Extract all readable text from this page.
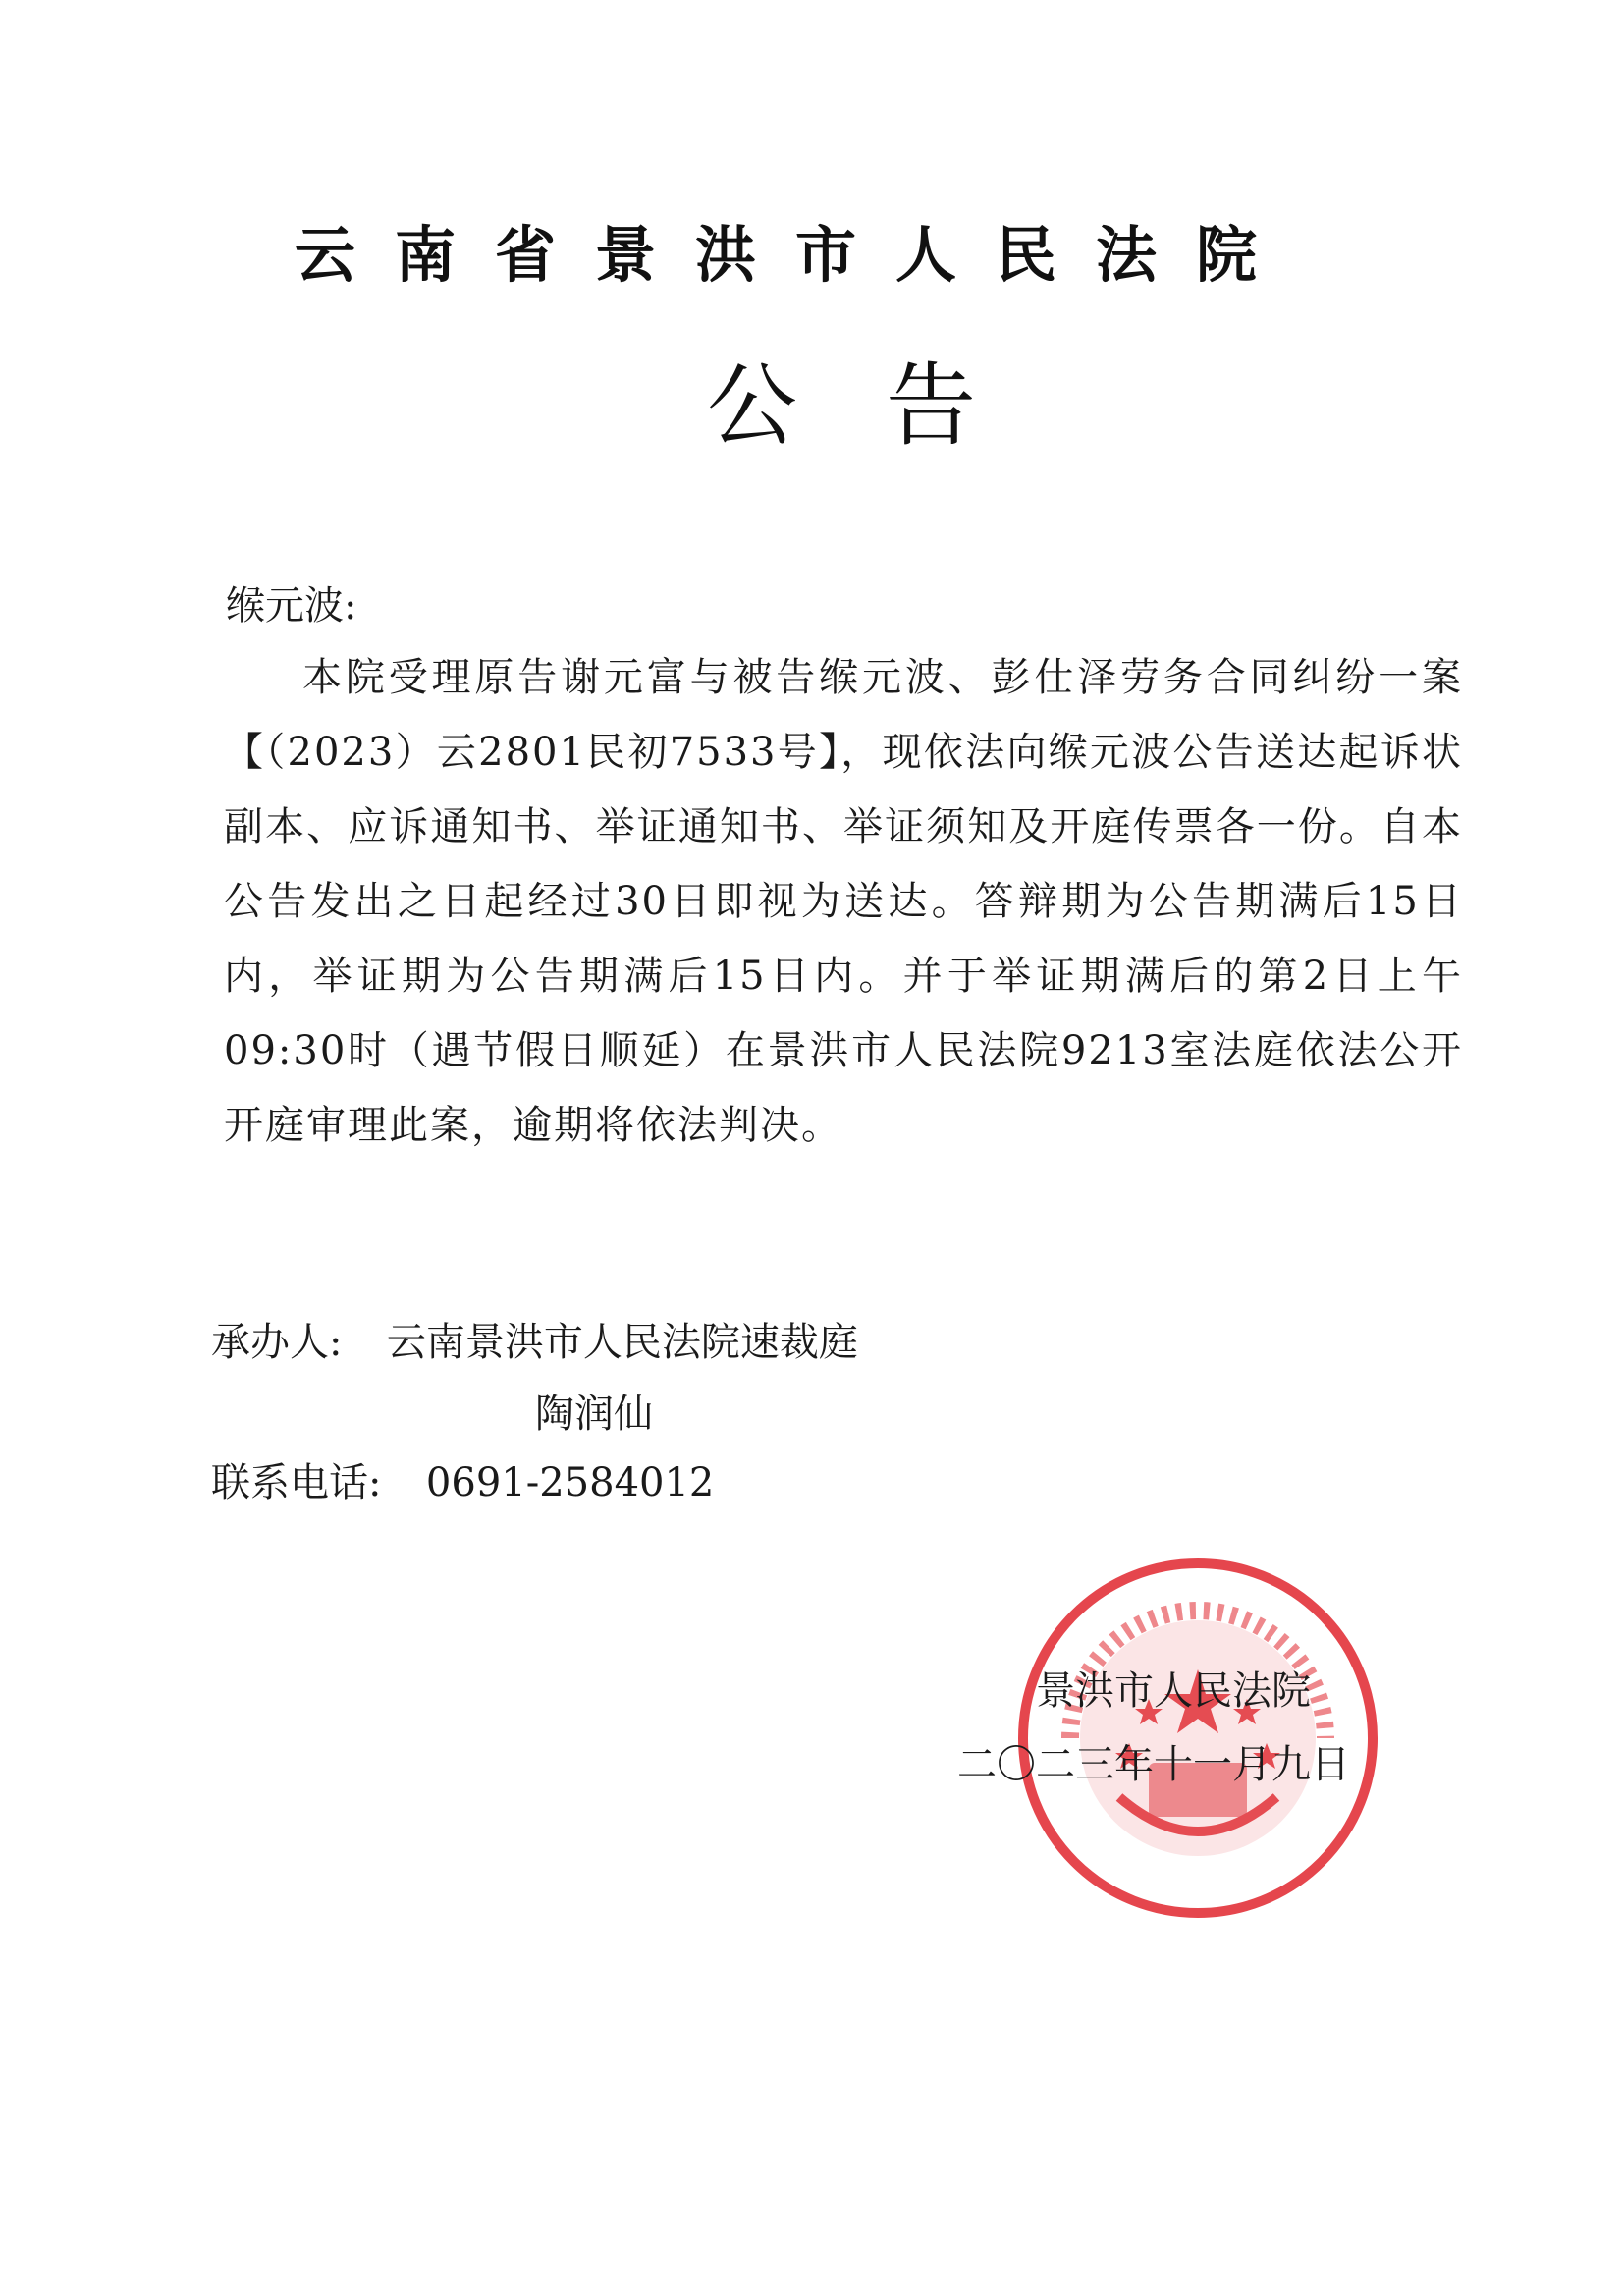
云南省景洪市人民法院
公告
缑元波:
本院受理原告谢元富与被告缑元波、彭仕泽劳务合同纠纷一案【（2023）云2801民初7533号】，现依法向缑元波公告送达起诉状副本、应诉通知书、举证通知书、举证须知及开庭传票各一份。自本公告发出之日起经过30日即视为送达。答辩期为公告期满后15日内，举证期为公告期满后15日内。并于举证期满后的第2日上午09:30时（遇节假日顺延）在景洪市人民法院9213室法庭依法公开开庭审理此案，逾期将依法判决。
承办人: 云南景洪市人民法院速裁庭
陶润仙
联系电话: 0691-2584012
景洪市人民法院
二〇二三年十一月九日
